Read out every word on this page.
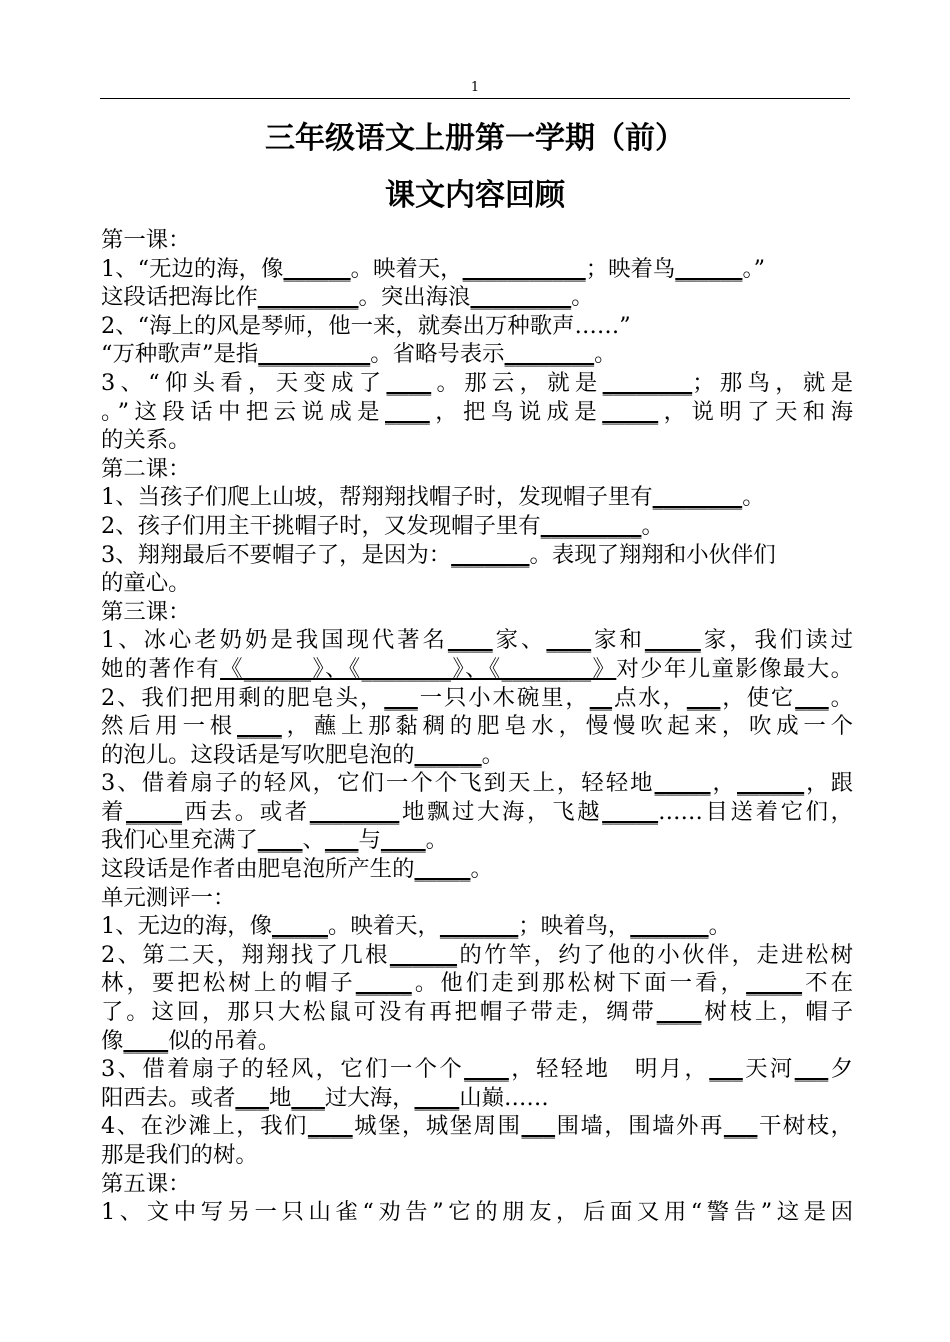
1
三年级语文上册第一学期（前）
课文内容回顾
第一课：
1、“无边的海，像______。映着天，___________；映着鸟______。”
这段话把海比作_________。突出海浪_________。
2、“海上的风是琴师，他一来，就奏出万种歌声……”
“万种歌声”是指__________。省略号表示________。
3、“仰头看，天变成了____。那云，就是________；那鸟，就是
。”这段话中把云说成是____，把鸟说成是_____，说明了天和海
的关系。
第二课：
1、当孩子们爬上山坡，帮翔翔找帽子时，发现帽子里有________。
2、孩子们用主干挑帽子时，又发现帽子里有_________。
3、翔翔最后不要帽子了，是因为：_______。表现了翔翔和小伙伴们
的童心。
第三课：
1、冰心老奶奶是我国现代著名____家、____家和_____家，我们读过
她的著作有《______》、《________》、《________》对少年儿童影像最大。
2、我们把用剩的肥皂头，___一只小木碗里，__点水，___，使它___。
然后用一根____，蘸上那黏稠的肥皂水，慢慢吹起来，吹成一个
的泡儿。这段话是写吹肥皂泡的______。
3、借着扇子的轻风，它们一个个飞到天上，轻轻地_____，______，跟
着_____西去。或者________地飘过大海，飞越_____……目送着它们，
我们心里充满了____、___与____。
这段话是作者由肥皂泡所产生的_____。
单元测评一：
1、无边的海，像_____。映着天，_______；映着鸟，_______。
2、第二天，翔翔找了几根______的竹竿，约了他的小伙伴，走进松树
林，要把松树上的帽子_____。他们走到那松树下面一看，_____不在
了。这回，那只大松鼠可没有再把帽子带走，绸带____树枝上，帽子
像____似的吊着。
3、借着扇子的轻风，它们一个个____，轻轻地　明月，___天河___夕
阳西去。或者___地___过大海，____山巅……
4、在沙滩上，我们____城堡，城堡周围___围墙，围墙外再___干树枝，
那是我们的树。
第五课：
1、文中写另一只山雀“劝告”它的朋友，后面又用“警告”这是因
